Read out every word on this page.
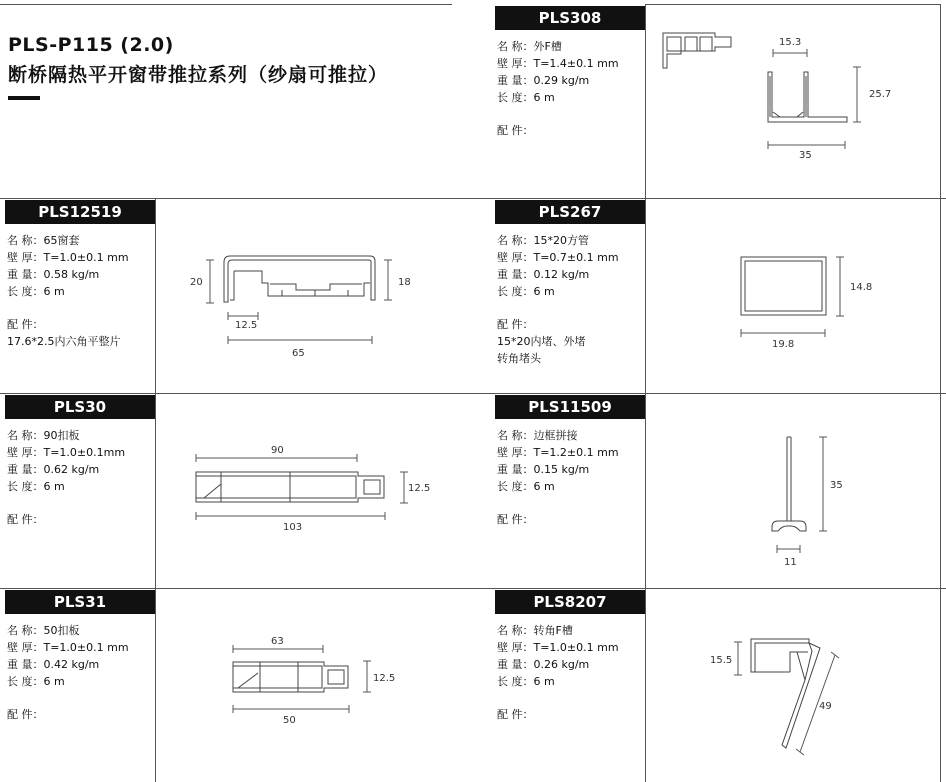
PLS-P115 (2.0)
断桥隔热平开窗带推拉系列（纱扇可推拉）
PLS308
名 称：外F槽
壁 厚：T=1.4±0.1 mm
重 量：0.29 kg/m
长 度：6 m
配 件：
PLS12519
名 称：65窗套
壁 厚：T=1.0±0.1 mm
重 量：0.58 kg/m
长 度：6 m
配 件：
17.6*2.5内六角平整片
PLS267
名 称：15*20方管
壁 厚：T=0.7±0.1 mm
重 量：0.12 kg/m
长 度：6 m
配 件：
15*20内堵、外堵
转角堵头
PLS30
名 称：90扣板
壁 厚：T=1.0±0.1mm
重 量：0.62 kg/m
长 度：6 m
配 件：
PLS11509
名 称：边框拼接
壁 厚：T=1.2±0.1 mm
重 量：0.15 kg/m
长 度：6 m
配 件：
PLS31
名 称：50扣板
壁 厚：T=1.0±0.1 mm
重 量：0.42 kg/m
长 度：6 m
配 件：
PLS8207
名 称：转角F槽
壁 厚：T=1.0±0.1 mm
重 量：0.26 kg/m
长 度：6 m
配 件：
15.3
25.7
35
20	18
12.5
65
14.8
19.8
90
12.5
103
35
11
63
12.5
50
15.5
49
